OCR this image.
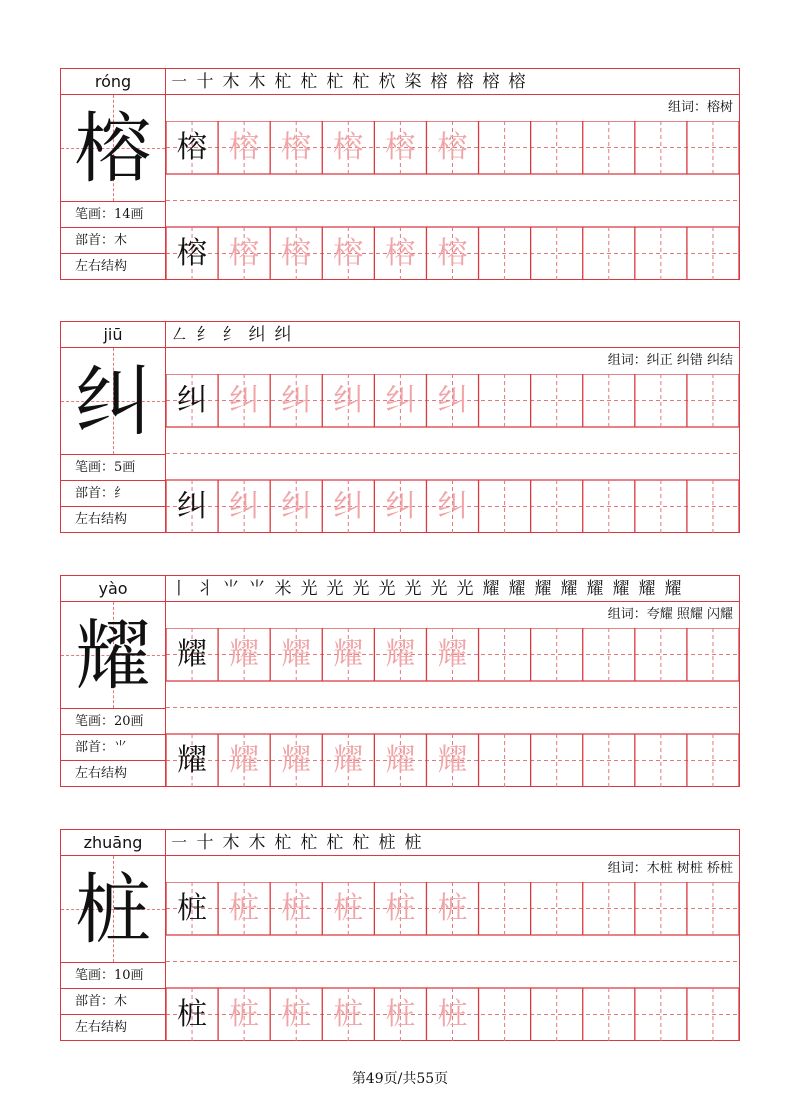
róng
榕
笔画：14画
部首：木
左右结构
㇐ 十 木 木 杧 杧 杧 杧 柼 栥 榕 榕 榕 榕
组词：榕树
榕 榕 榕 榕 榕 榕
榕 榕 榕 榕 榕 榕
jiū
纠
笔画：5画
部首：纟
左右结构
㇜ 纟 纟 纠 纠
组词：纠正 纠错 纠结
纠 纠 纠 纠 纠 纠
纠 纠 纠 纠 纠 纠
yào
耀
笔画：20画
部首：⺌
左右结构
丨 丬 ⺌ ⺌ 米 光 光 光 光 光 光 光 耀 耀 耀 耀 耀 耀 耀 耀
组词：夸耀 照耀 闪耀
耀 耀 耀 耀 耀 耀
耀 耀 耀 耀 耀 耀
zhuāng
桩
笔画：10画
部首：木
左右结构
㇐ 十 木 木 杧 杧 杧 杧 桩 桩
组词：木桩 树桩 桥桩
桩 桩 桩 桩 桩 桩
桩 桩 桩 桩 桩 桩
第49页/共55页
